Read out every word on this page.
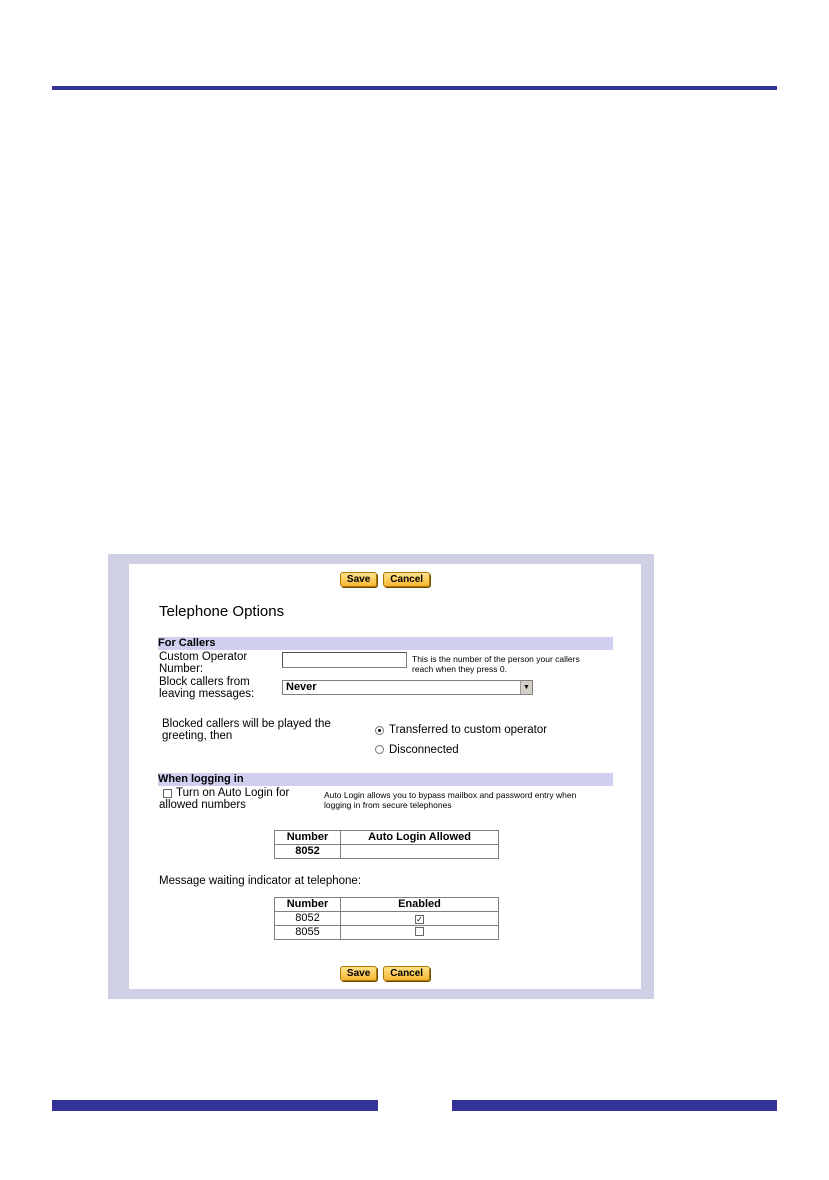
Save Cancel
Telephone Options
For Callers
Custom Operator
Number:
This is the number of the person your callers
reach when they press 0.
Block callers from
leaving messages:
Never	▼
Blocked callers will be played the
greeting, then	Transferred to custom operator
Disconnected
When logging in
Turn on Auto Login for
allowed numbers
Auto Login allows you to bypass mailbox and password entry when
logging in from secure telephones
Number	Auto Login Allowed
8052	
Message waiting indicator at telephone:
Number	Enabled
8052	✓
8055	
Save Cancel
